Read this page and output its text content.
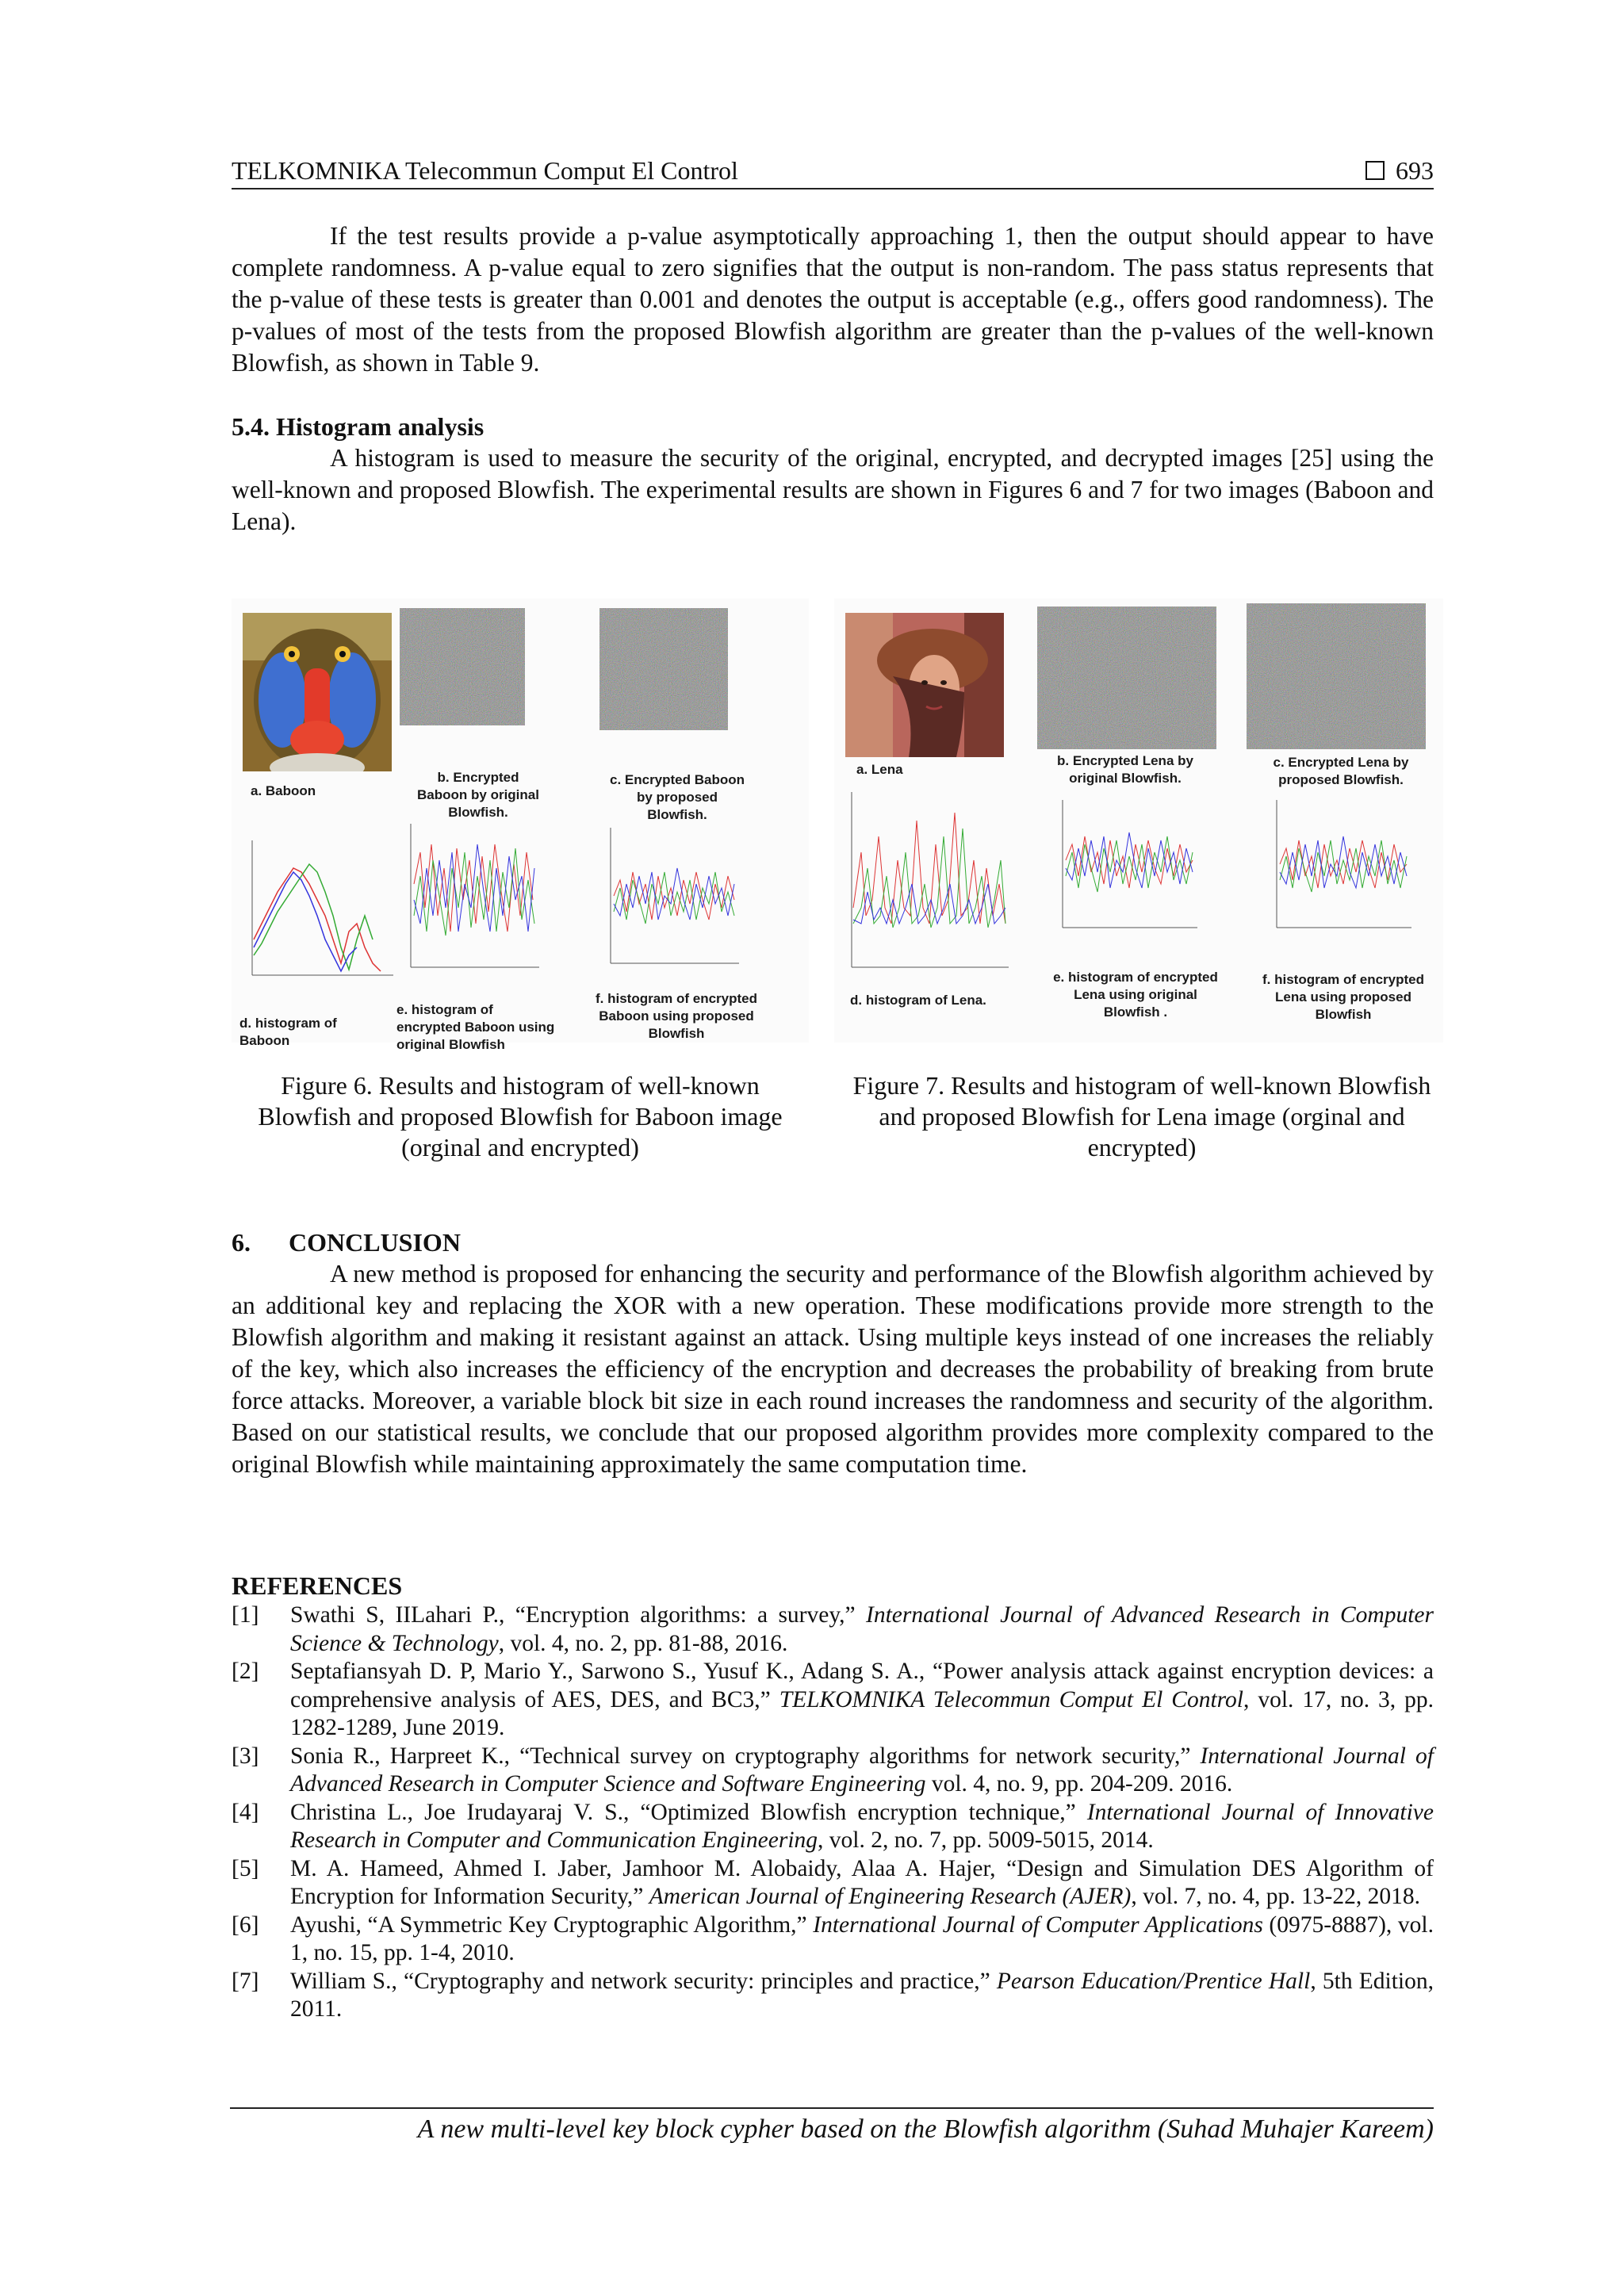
TELKOMNIKA Telecommun Comput El Control	693

If the test results provide a p-value asymptotically approaching 1, then the output should appear to have complete randomness. A p-value equal to zero signifies that the output is non-random. The pass status represents that the p-value of these tests is greater than 0.001 and denotes the output is acceptable (e.g., offers good randomness). The p-values of most of the tests from the proposed Blowfish algorithm are greater than the p-values of the well-known Blowfish, as shown in Table 9.

5.4. Histogram analysis

A histogram is used to measure the security of the original, encrypted, and decrypted images [25] using the well-known and proposed Blowfish. The experimental results are shown in Figures 6 and 7 for two images (Baboon and Lena).

a. Baboon
b. Encrypted Baboon by original Blowfish.
c. Encrypted Baboon by proposed Blowfish.
d. histogram of Baboon
e. histogram of encrypted Baboon using original Blowfish
f. histogram of encrypted Baboon using proposed Blowfish
a. Lena
b. Encrypted Lena by original Blowfish.
c. Encrypted Lena by proposed Blowfish.
d. histogram of Lena.
e. histogram of encrypted Lena using original Blowfish .
f. histogram of encrypted Lena using proposed Blowfish
Figure 6. Results and histogram of well-known Blowfish and proposed Blowfish for Baboon image (orginal and encrypted)
Figure 7. Results and histogram of well-known Blowfish and proposed Blowfish for Lena image (orginal and encrypted)
6.      CONCLUSION

A new method is proposed for enhancing the security and performance of the Blowfish algorithm achieved by an additional key and replacing the XOR with a new operation. These modifications provide more strength to the Blowfish algorithm and making it resistant against an attack. Using multiple keys instead of one increases the reliably of the key, which also increases the efficiency of the encryption and decreases the probability of breaking from brute force attacks. Moreover, a variable block bit size in each round increases the randomness and security of the algorithm. Based on our statistical results, we conclude that our proposed algorithm provides more complexity compared to the original Blowfish while maintaining approximately the same computation time.

REFERENCES
[1] Swathi S, IILahari P., “Encryption algorithms: a survey,” International Journal of Advanced Research in Computer Science & Technology, vol. 4, no. 2, pp. 81-88, 2016.
[2] Septafiansyah D. P, Mario Y., Sarwono S., Yusuf K., Adang S. A., “Power analysis attack against encryption devices: a comprehensive analysis of AES, DES, and BC3,” TELKOMNIKA Telecommun Comput El Control, vol. 17, no. 3, pp. 1282-1289, June 2019.
[3] Sonia R., Harpreet K., “Technical survey on cryptography algorithms for network security,” International Journal of Advanced Research in Computer Science and Software Engineering vol. 4, no. 9, pp. 204-209. 2016.
[4] Christina L., Joe Irudayaraj V. S., “Optimized Blowfish encryption technique,” International Journal of Innovative Research in Computer and Communication Engineering, vol. 2, no. 7, pp. 5009-5015, 2014.
[5] M. A. Hameed, Ahmed I. Jaber, Jamhoor M. Alobaidy, Alaa A. Hajer, “Design and Simulation DES Algorithm of Encryption for Information Security,” American Journal of Engineering Research (AJER), vol. 7, no. 4, pp. 13-22, 2018.
[6] Ayushi, “A Symmetric Key Cryptographic Algorithm,” International Journal of Computer Applications (0975-8887), vol. 1, no. 15, pp. 1-4, 2010.
[7] William S., “Cryptography and network security: principles and practice,” Pearson Education/Prentice Hall, 5th Edition, 2011.
A new multi-level key block cypher based on the Blowfish algorithm (Suhad Muhajer Kareem)
